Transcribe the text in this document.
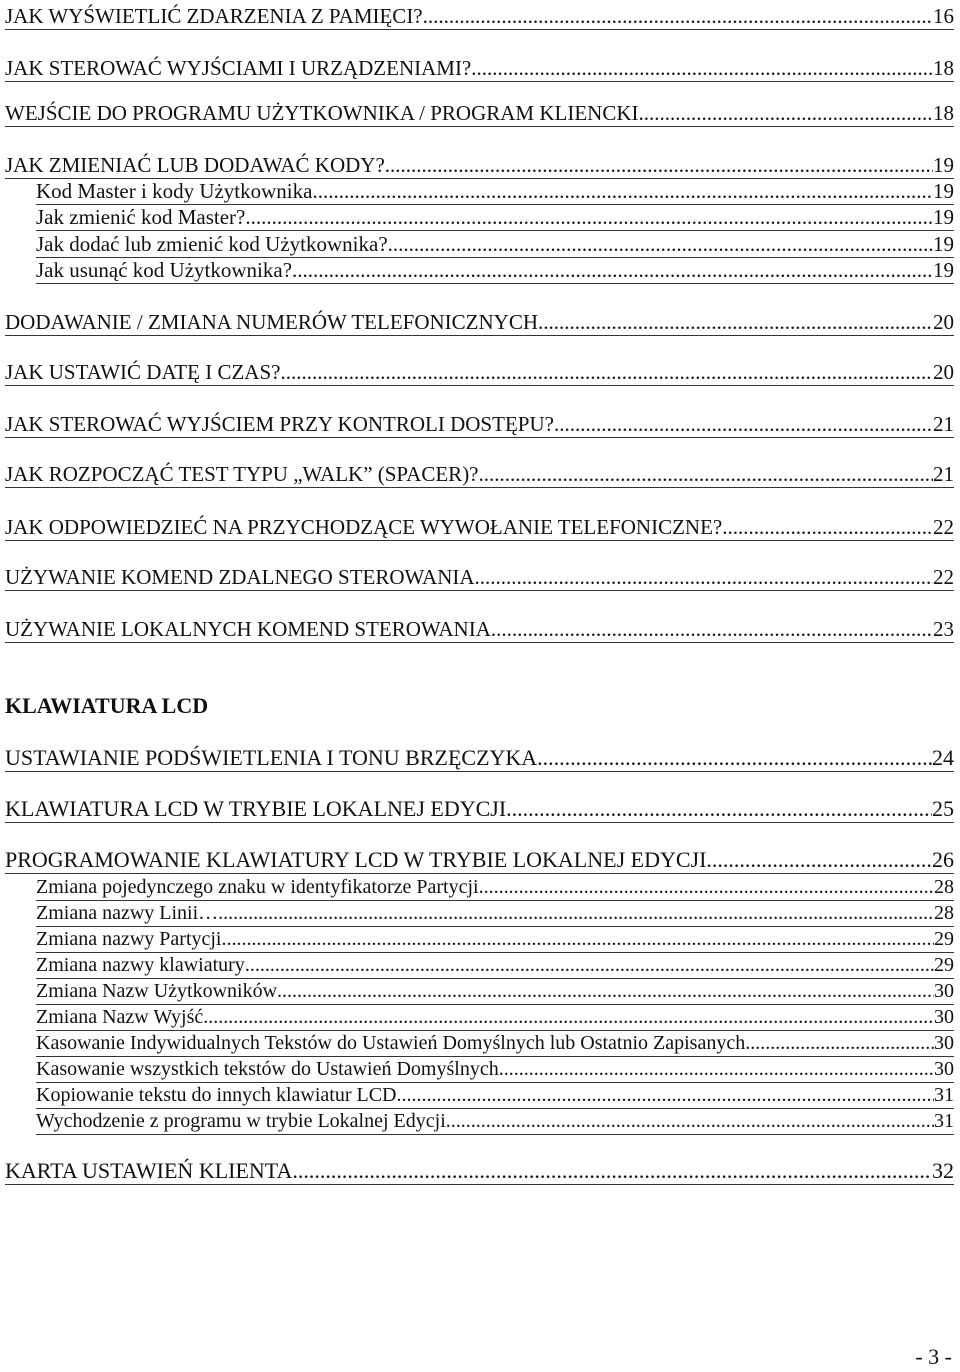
JAK WYŚWIETLIĆ ZDARZENIA Z PAMIĘCI? .....	16
JAK STEROWAĆ WYJŚCIAMI I URZĄDZENIAMI? .....	18
WEJŚCIE DO PROGRAMU UŻYTKOWNIKA / PROGRAM KLIENCKI .....	18
JAK ZMIENIAĆ LUB DODAWAĆ KODY? .....	19
Kod Master i kody Użytkownika .....	19
Jak zmienić kod Master? .....	19
Jak dodać lub zmienić kod Użytkownika? .....	19
Jak usunąć kod Użytkownika? .....	19
DODAWANIE / ZMIANA NUMERÓW TELEFONICZNYCH .....	20
JAK USTAWIĆ DATĘ I CZAS? .....	20
JAK STEROWAĆ WYJŚCIEM PRZY KONTROLI DOSTĘPU? .....	21
JAK ROZPOCZĄĆ TEST TYPU „WALK” (SPACER)? .....	21
JAK ODPOWIEDZIEĆ NA PRZYCHODZĄCE WYWOŁANIE TELEFONICZNE? .....	22
UŻYWANIE KOMEND ZDALNEGO STEROWANIA .....	22
UŻYWANIE LOKALNYCH KOMEND STEROWANIA .....	23
KLAWIATURA LCD
USTAWIANIE PODŚWIETLENIA I TONU BRZĘCZYKA .....	24
KLAWIATURA LCD W TRYBIE LOKALNEJ EDYCJI .....	25
PROGRAMOWANIE KLAWIATURY LCD W TRYBIE LOKALNEJ EDYCJI .....	26
Zmiana pojedynczego znaku w identyfikatorze Partycji .....	28
Zmiana nazwy Linii… .....	28
Zmiana nazwy Partycji .....	29
Zmiana nazwy klawiatury .....	29
Zmiana Nazw Użytkowników .....	30
Zmiana Nazw Wyjść .....	30
Kasowanie Indywidualnych Tekstów do Ustawień Domyślnych lub Ostatnio Zapisanych .....	30
Kasowanie wszystkich tekstów do Ustawień Domyślnych .....	30
Kopiowanie tekstu do innych klawiatur LCD .....	31
Wychodzenie z programu w trybie Lokalnej Edycji .....	31
KARTA USTAWIEŃ KLIENTA .....	32
- 3 -
